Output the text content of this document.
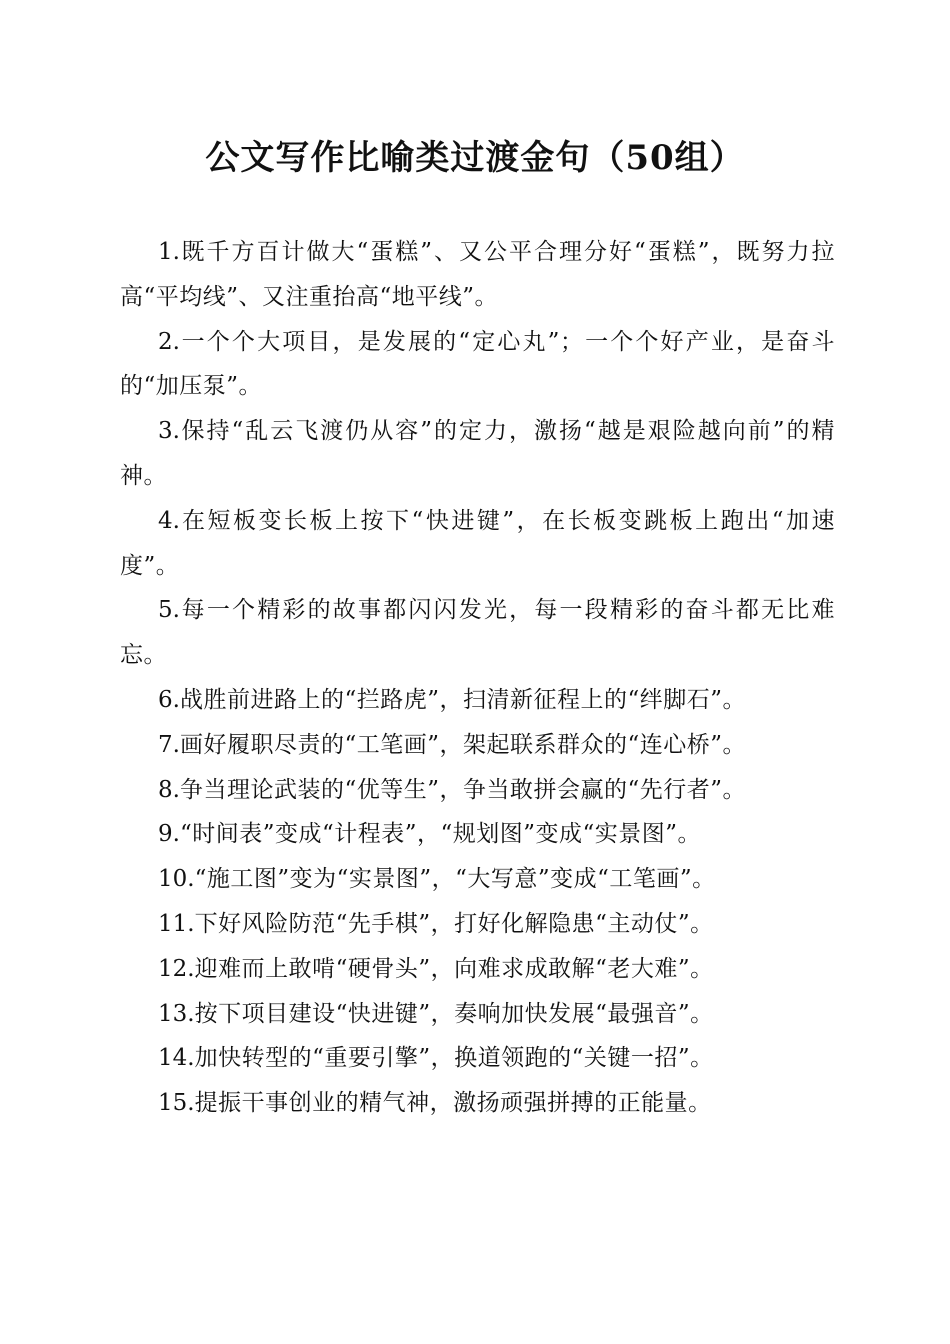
公文写作比喻类过渡金句（50组）

1.既千方百计做大“蛋糕”、又公平合理分好“蛋糕”，既努力拉高“平均线”、又注重抬高“地平线”。

2.一个个大项目，是发展的“定心丸”；一个个好产业，是奋斗的“加压泵”。

3.保持“乱云飞渡仍从容”的定力，激扬“越是艰险越向前”的精神。

4.在短板变长板上按下“快进键”，在长板变跳板上跑出“加速度”。

5.每一个精彩的故事都闪闪发光，每一段精彩的奋斗都无比难忘。

6.战胜前进路上的“拦路虎”，扫清新征程上的“绊脚石”。

7.画好履职尽责的“工笔画”，架起联系群众的“连心桥”。

8.争当理论武装的“优等生”，争当敢拼会赢的“先行者”。

9.“时间表”变成“计程表”，“规划图”变成“实景图”。

10.“施工图”变为“实景图”，“大写意”变成“工笔画”。

11.下好风险防范“先手棋”，打好化解隐患“主动仗”。

12.迎难而上敢啃“硬骨头”，向难求成敢解“老大难”。

13.按下项目建设“快进键”，奏响加快发展“最强音”。

14.加快转型的“重要引擎”，换道领跑的“关键一招”。

15.提振干事创业的精气神，激扬顽强拼搏的正能量。
